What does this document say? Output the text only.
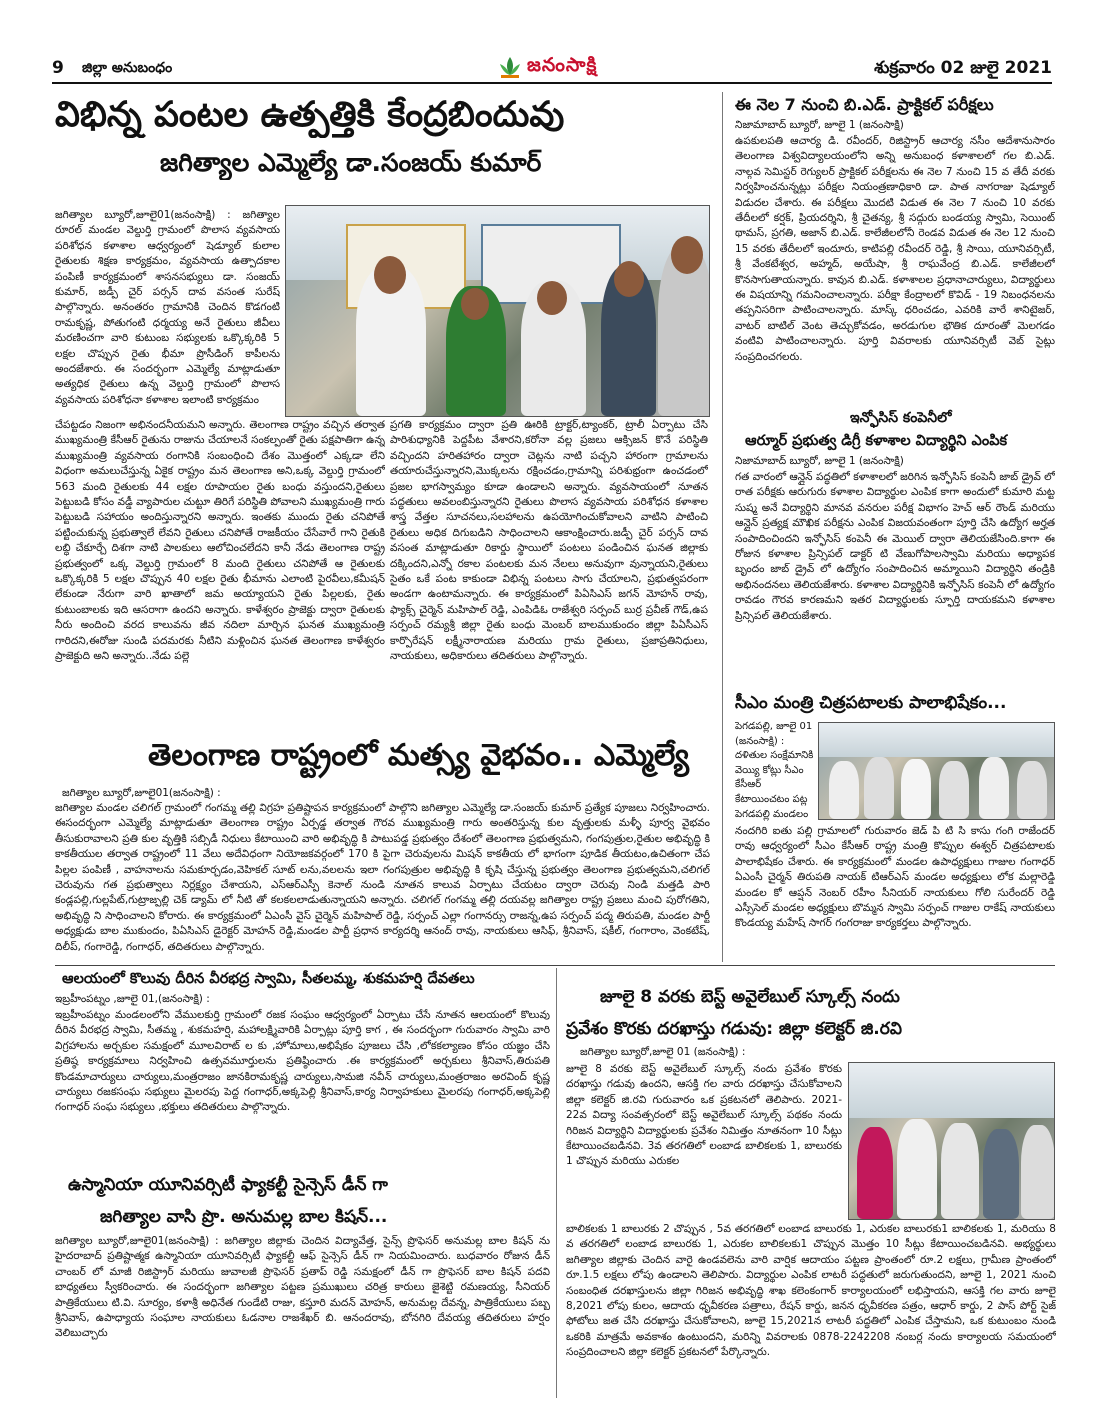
9 జిల్లా అనుబంధం	జనంసాక్షి	శుక్రవారం 02 జులై 2021
విభిన్న పంటల ఉత్పత్తికి కేంద్రబిందువు
జగిత్యాల ఎమ్మెల్యే డా.సంజయ్ కుమార్
జగిత్యాల బ్యూరో,జూలై01(జనంసాక్షి) : జగిత్యాల రూరల్ మండల వెల్దుర్తి గ్రామంలో పొలాస వ్యవసాయ పరిశోధన కళాశాల ఆధ్వర్యంలో షెడ్యూల్ కులాల రైతులకు శిక్షణ కార్యక్రమం, వ్యవసాయ ఉత్పాదకాల పంపిణీ కార్యక్రమంలో శాసనసభ్యులు డా. సంజయ్ కుమార్, జడ్పీ చైర్ పర్సన్ దావ వసంత సురేష్ పాల్గొన్నారు. అనంతరం గ్రామానికి చెందిన కొడగంటి రామకృష్ణ, పోతుగంటి ధర్మయ్య అనే రైతులు జీవీలు మరణించగా వారి కుటుంబ సభ్యులకు ఒక్కొక్కరికి 5 లక్షల చొప్పున రైతు భీమా ప్రొసీడింగ్ కాపీలను అందజేశారు. ఈ సందర్భంగా ఎమ్మెల్యే మాట్లాడుతూ అత్యధిక రైతులు ఉన్న వెల్దుర్తి గ్రామంలో పొలాస వ్యవసాయ పరిశోధనా కళాశాల ఇలాంటి కార్యక్రమం
చేపట్టడం నిజంగా అభినందనీయమని అన్నారు. తెలంగాణ రాష్ట్రం వచ్చిన తర్వాత ముఖ్యమంత్రి కేసీఆర్ రైతును రాజును చేయాలనే సంకల్పంతో రైతు పక్షపాతిగా ఉన్న ముఖ్యమంత్రి వ్యవసాయ రంగానికి సంబంధించి దేశం మొత్తంలో ఎక్కడా లేని విధంగా అమలుచేస్తున్న ఏకైక రాష్ట్రం మన తెలంగాణ అని,ఒక్క వెల్దుర్తి గ్రామంలో 563 మంది రైతులకు 44 లక్షల రూపాయల రైతు బంధు వస్తుందని,రైతులు పెట్టుబడి కోసం వడ్డీ వ్యాపారుల చుట్టూ తిరిగే పరిస్థితి పోవాలని ముఖ్యమంత్రి గారు పెట్టుబడి సహాయం అందిస్తున్నారని అన్నారు. ఇంతకు ముందు రైతు చనిపోతే పట్టించుకున్న ప్రభుత్వాలే లేవని రైతులు చనిపోతే రాజకీయం చేసేవారే గాని రైతుకి లబ్ధి చేకూర్చే దిశగా నాటి పాలకులు ఆలోచించలేదని కానీ నేడు తెలంగాణ రాష్ట్ర ప్రభుత్వంలో ఒక్క వెల్దుర్తి గ్రామంలో 8 మంది రైతులు చనిపోతే ఆ రైతులకు ఒక్కొక్కరికి 5 లక్షల చొప్పున 40 లక్షల రైతు భీమాను ఎలాంటి పైరవీలు,కమీషన్ లేకుండా నేరుగా వారి ఖాతాలో జమ అయ్యాయని రైతు పిల్లలకు, రైతు కుటుంబాలకు ఇది ఆసరాగా ఉందని అన్నారు. కాళేశ్వరం ప్రాజెక్టు ద్వారా రైతులకు నీరు అందించి వరద కాలువను జీవ నదిలా మార్చిన ఘనత ముఖ్యమంత్రి గారిదని,ఈరోజు సుండి పదమరకు నీటిని మళ్లించిన ఘనత తెలంగాణ కాళేశ్వరం ప్రాజెక్టుది అని అన్నారు..నేడు పల్లె
ప్రగతి కార్యక్రమం ద్వారా ప్రతి ఊరికి ట్రాక్టర్,ట్యాంకర్, ట్రాలీ ఏర్పాటు చేసి పారిశుధ్యానికి పెద్దపీట వేశారని,కరోనా వల్ల ప్రజలు ఆక్సిజన్ కొనే పరిస్థితి వచ్చిందని హరితహారం ద్వారా చెట్లను నాటి పచ్చని హారంగా గ్రామాలను తయారుచేస్తున్నారని,మొక్కలను రక్షించడం,గ్రామాన్ని పరిశుభ్రంగా ఉంచడంలో ప్రజల భాగస్వామ్యం కూడా ఉండాలని అన్నారు. వ్యవసాయంలో నూతన పద్ధతులు అవలంబిస్తున్నారని రైతులు పొలాస వ్యవసాయ పరిశోధన కళాశాల శాస్త్ర వేత్తల సూచనలు,సలహాలను ఉపయోగించుకోవాలని వాటిని పాటించి రైతులు అధిక దిగుబడిని సాధించాలని ఆకాంక్షించారు.జడ్పీ చైర్ పర్సన్ దావ వసంత మాట్లాడుతూ రికార్డు స్థాయిలో పంటలు పండించిన ఘనత జిల్లాకు దక్కిందని,ఎన్నో రకాల పంటలకు మన నేలలు అనువుగా వున్నాయని,రైతులు సైతం ఒకే పంట కాకుండా విభిన్న పంటలు సాగు చేయాలని, ప్రభుత్వపరంగా అండగా ఉంటామన్నారు. ఈ కార్యక్రమంలో పిఏసిఎస్ జగన్ మోహన్ రావు, ఫ్యాక్స్ చైర్మెన్ మహిపాల్ రెడ్డి, ఎంపిడిఓ రాజేశ్వరి సర్పంచ్ బుర్ర ప్రవీణ్ గౌడ్,ఉప సర్పంచ్ రమ్యశ్రీ జిల్లా రైతు బంధు మెంబర్ బాలముకుందం జిల్లా పిఏసీఎస్ కార్పొరేషన్ లక్ష్మీనారాయణ మరియు గ్రామ రైతులు, ప్రజాప్రతినిధులు, నాయకులు, అధికారులు తదితరులు పాల్గొన్నారు.
తెలంగాణ రాష్ట్రంలో మత్స్య వైభవం.. ఎమ్మెల్యే
జగిత్యాల బ్యూరో,జూలై01(జనంసాక్షి) :
జగిత్యాల మండల చలిగల్ గ్రామంలో గంగమ్మ తల్లి విగ్రహ ప్రతిష్టాపన కార్యక్రమంలో పాల్గొని జగిత్యాల ఎమ్మెల్యే డా.సంజయ్ కుమార్ ప్రత్యేక పూజలు నిర్వహించారు. ఈసందర్భంగా ఎమ్మెల్యే మాట్లాడుతూ తెలంగాణ రాష్ట్రం ఏర్పడ్డ తర్వాత గౌరవ ముఖ్యమంత్రి గారు అంతరిస్తున్న కుల వృత్తులకు మళ్ళీ పూర్వ వైభవం తీసుకురావాలని ప్రతి కుల వృత్తికి సబ్సిడీ నిధులు కేటాయించి వారి అభివృద్ధి కి పాటుపడ్డ ప్రభుత్వం దేశంలో తెలంగాణ ప్రభుత్వమని, గంగపుత్రుల,రైతుల అభివృద్ధి కి కాకతీయుల తర్వాత రాష్ట్రంలో 11 వేలు అదేవిధంగా నియోజకవర్గంలో 170 కి పైగా చెరువులను మిషన్ కాకతీయ లో భాగంగా పూడిక తీయటం,ఉచితంగా చేప పిల్లల పంపిణీ , వాహనాలను సమకూర్చడం,వెహికల్ సూట్ లను,వలలను ఇలా గంగపుత్రుల అభివృద్ధి కి కృషి చేస్తున్న ప్రభుత్వం తెలంగాణ ప్రభుత్వమని,చలిగల్ చెరువును గత ప్రభుత్వాలు నిర్లక్ష్యం చేశాయని, ఎస్ఆర్ఎస్పీ కెనాల్ నుండి నూతన కాలువ ఏర్పాటు చేయటం ద్వారా చెరువు నిండి మత్తడి పారి కండ్లపల్లి,గుల్లపేట్,గుట్రాజ్పల్లి చెక్ డ్యామ్ లో నీటి తో కలకలలాడుతున్నాయని అన్నారు. చలిగల్ గంగమ్మ తల్లి దయవల్ల జగిత్యాల రాష్ట్ర ప్రజలు మంచి పురోగతిని, అభివృద్ధి ని సాధించాలని కోరారు. ఈ కార్యక్రమంలో ఏఎంసీ వైస్ చైర్మెన్ మహిపాల్ రెడ్డి, సర్పంచ్ ఎల్లా గంగానర్సు రాజన్న,ఉప సర్పంచ్ పద్మ తిరుపతి, మండల పార్టీ అధ్యక్షుడు బాల ముకుందం, పిఏసిఎస్ డైరెక్టర్ మోహన్ రెడ్డి,మండల పార్టీ ప్రధాన కార్యదర్శి ఆనంద్ రావు, నాయకులు ఆసిఫ్, శ్రీనివాస్, షకీల్, గంగారాం, వెంకటేష్, దిలీప్, గంగారెడ్డి, గంగాధర్, తదితరులు పాల్గొన్నారు.
ఈ నెల 7 నుంచి బి.ఎడ్. ప్రాక్టికల్ పరీక్షలు
నిజామాబాద్ బ్యూరో, జూలై 1 (జనంసాక్షి)
ఉపకులపతి ఆచార్య డి. రవీందర్, రిజిస్ట్రార్ ఆచార్య నసీం ఆదేశానుసారం తెలంగాణ విశ్వవిద్యాలయంలోని అన్ని అనుబంధ కళాశాలలో గల బి.ఎడ్. నాల్గవ సెమిస్టర్ రెగ్యులర్ ప్రాక్టికల్ పరీక్షలను ఈ నెల 7 నుంచి 15 వ తేదీ వరకు నిర్వహించనున్నట్లు పరీక్షల నియంత్రణాధికారి డా. పాత నాగరాజు షెడ్యూల్ విడుదల చేశారు. ఈ పరీక్షలు మొదటి విడుత ఈ నెల 7 నుంచి 10 వరకు తేదీలలో కర్షక్, ప్రియదర్శిని, శ్రీ చైతన్య, శ్రీ సద్గురు బండయ్య స్వామి, సెయింట్ థామస్, ప్రగతి, అజాన్ బి.ఎడ్. కాలేజీలలోనీ రెండవ విడుత ఈ నెల 12 నుంచి 15 వరకు తేదీలలో ఇందూరు, కాటిపల్లి రవీందర్ రెడ్డి, శ్రీ సాయి, యూనివర్సిటీ, శ్రీ వేంకటేశ్వర, అహ్మద్, అయేషా, శ్రీ రాఘవేంద్ర బి.ఎడ్. కాలేజీలలో కొనసాగుతాయన్నారు. కావున బి.ఎడ్. కళాశాలల ప్రధానాచార్యులు, విద్యార్థులు ఈ విషయాన్ని గమనించాలన్నారు. పరీక్షా కేంద్రాలలో కొవిడ్ - 19 నిబంధనలను తప్పనిసరిగా పాటించాలన్నారు. మాస్క్ ధరించడం, ఎవరికి వారే శానిటైజర్, వాటర్ బాటిల్ వెంట తెచ్చుకోవడం, అరడుగుల భౌతిక దూరంతో మెలగడం వంటివి పాటించాలన్నారు. పూర్తి వివరాలకు యూనివర్సిటీ వెబ్ సైట్లు సంప్రదించగలరు.
ఇన్ఫోసిస్ కంపెనీలో
ఆర్మూర్ ప్రభుత్వ డిగ్రీ కళాశాల విద్యార్థిని ఎంపిక
నిజామాబాద్ బ్యూరో, జూలై 1 (జనంసాక్షి)
గత వారంలో ఆన్లైన్ పద్ధతిలో కళాశాలలో జరిగిన ఇన్ఫోసిస్ కంపెనీ జాబ్ డ్రైవ్ లో రాత పరీక్షకు ఆరుగురు కళాశాల విద్యార్థుల ఎంపిక కాగా అందులో కుమారి మట్ట సుష్మ అనే విద్యార్థిని మానవ వనరుల పరీక్ష విభాగం హెచ్ ఆర్ రౌండ్ మరియు ఆన్లైన్ ప్రత్యక్ష మౌఖిక పరీక్షను ఎంపిక విజయవంతంగా పూర్తి చేసి ఉద్యోగ అర్హత సంపాదించిందని ఇన్ఫోసిస్ కంపెనీ ఈ మెయిల్ ద్వారా తెలియజేసింది.కాగా ఈ రోజున కళాశాల ప్రిన్సిపల్ డాక్టర్ టి వేణుగోపాలస్వామి మరియు అధ్యాపక బృందం జాబ్ డ్రైవ్ లో ఉద్యోగం సంపాదించిన అమ్మాయిని విద్యార్థిని తండ్రికి అభినందనలు తెలియజేశారు. కళాశాల విద్యార్థినికి ఇన్ఫోసిస్ కంపెనీ లో ఉద్యోగం రావడం గౌరవ కారణమని ఇతర విద్యార్థులకు స్ఫూర్తి దాయకమని కళాశాల ప్రిన్సిపల్ తెలియజేశారు.
సీఎం మంత్రి చిత్రపటాలకు పాలాభిషేకం...
పెగడపల్లి, జూలై 01 (జనంసాక్షి) : దళితుల సంక్షేమానికి వెయ్యి కోట్లు సీఎం కేసీఆర్ కేటాయించటం పట్ల పెగడపల్లి మండలం
నందగిరి ఐతు పల్లి గ్రామాలలో గురువారం జెడ్ పి టి సి కాసు గంగి రాజేందర్ రావు ఆధ్వర్యంలో సీఎం కేసీఆర్ రాష్ట్ర మంత్రి కొప్పుల ఈశ్వర్ చిత్రపటాలకు పాలాభిషేకం చేశారు. ఈ కార్యక్రమంలో మండల ఉపాధ్యక్షులు గాజుల గంగాధర్ ఏఎంసీ చైర్మన్ తిరుపతి నాయక్ టిఆర్ఎస్ మండల అధ్యక్షులు లోక మల్లారెడ్డి మండల కో ఆప్షన్ నెంబర్ రహీం సీనియర్ నాయకులు గోలి సురేందర్ రెడ్డి ఎస్సీసెల్ మండల అధ్యక్షులు బొమ్మన స్వామి సర్పంచ్ గాజుల రాకేష్ నాయకులు కొండయ్య మహేష్ సాగర్ గంగరాజు కార్యకర్తలు పాల్గొన్నారు.
ఆలయంలో కొలువు దీరిన వీరభద్ర స్వామి, సీతలమ్మ, శుకమహర్షి దేవతలు
ఇబ్రహీంపట్నం ,జూలై 01,(జనంసాక్షి) :
ఇబ్రహీంపట్నం మండలంలోని వేములకుర్తి గ్రామంలో రజక సంఘం ఆధ్వర్యంలో ఏర్పాటు చేసే నూతన ఆలయంలో కొలువు దీరిన వీరభద్ర స్వామి, సీతమ్మ , శుకమహర్షి, మహాలక్ష్మివారికి ఏర్పాట్లు పూర్తి కాగ , ఈ సందర్భంగా గురువారం స్వామి వారి విగ్రహాలను అర్చకుల సమక్షంలో మూలవిరాట్ ల కు ,హోమాలు,అభిషేకం పూజలు చేసి ,లోకకల్యాణం కోసం యజ్ఞం చేసి ప్రతిష్ఠ కార్యక్రమాలు నిర్వహించి ఉత్సవమూర్తులను ప్రతిష్ఠించారు .ఈ కార్యక్రమంలో అర్చకులు శ్రీనివాస్,తిరుపతి కొండమాచార్యులు చార్యులు,మంత్రరాజం జానకిరామకృష్ణ చార్యులు,సామజి నవీన్ చార్యులు,మంత్రరాజం అరవింద్ కృష్ణ చార్యులు రజకసంఘ సభ్యులు మైలరపు పెద్ద గంగాధర్,అక్కపెల్లి శ్రీనివాస్,కార్య నిర్వాహకులు మైలరపు గంగాధర్,అక్కపెల్లి గంగాధర్ సంఘ సభ్యులు ,భక్తులు తదితరులు పాల్గొన్నారు.
ఉస్మానియా యూనివర్సిటీ ఫ్యాకల్టీ సైన్సెస్ డీన్ గా
జగిత్యాల వాసి ప్రొ. అనుమల్ల బాల కిషన్...
జగిత్యాల బ్యూరో,జూలై01(జనంసాక్షి) : జగిత్యాల జిల్లాకు చెందిన విద్యావేత్త, సైన్స్ ప్రొఫెసర్ అనుమల్ల బాల కిషన్ ను హైదరాబాద్ ప్రతిష్టాత్మక ఉస్మానియా యూనివర్సిటీ ఫ్యాకల్టీ ఆఫ్ సైన్సెస్ డీన్ గా నియమించారు. బుధవారం రోజున డీన్ చాంబర్ లో మాజీ రిజిస్ట్రార్ మరియు జువాలజీ ప్రొఫెసర్ ప్రతాప్ రెడ్డి సమక్షంలో డీన్ గా ప్రొఫెసర్ బాల కిషన్ పదవి బాధ్యతలు స్వీకరించారు. ఈ సందర్భంగా జగిత్యాల పట్టణ ప్రముఖులు చరిత్ర కారులు జైశెట్టి రమణయ్య, సీనియర్ పాత్రికేయులు టి.వి. సూర్యం, కళాశ్రీ అధినేత గుండేటి రాజు, కస్తూరి మదన్ మోహన్, అనుమల్ల దేవన్న, పాత్రికేయులు పబ్బ శ్రీనివాస్, ఉపాధ్యాయ సంఘాల నాయకులు ఓడనాల రాజశేఖర్ బి. ఆనందరావు, బోనగిరి దేవయ్య తదితరులు హర్షం వెలిబుచ్చారు
జూలై 8 వరకు బెస్ట్ అవైలేబుల్ స్కూల్స్ నందు
ప్రవేశం కొరకు దరఖాస్తు గడువు: జిల్లా కలెక్టర్ జి.రవి
జగిత్యాల బ్యూరో,జూలై 01 (జనంసాక్షి) :
జూలై 8 వరకు బెస్ట్ అవైలేబుల్ స్కూల్స్ నందు ప్రవేశం కొరకు దరఖాస్తు గడువు ఉందని, ఆసక్తి గల వారు దరఖాస్తు చేసుకోవాలని జిల్లా కలెక్టర్ జి.రవి గురువారం ఒక ప్రకటనలో తెలిపారు. 2021-22వ విద్యా సంవత్సరంలో బెస్ట్ అవైలేబుల్ స్కూల్స్ పథకం నందు గిరిజన విద్యార్థిని విద్యార్థులకు ప్రవేశం నిమిత్తం నూతనంగా 10 సీట్లు కేటాయించబడినవి. 3వ తరగతిలో లంబాడ బాలికలకు 1, బాలురకు 1 చొప్పున మరియు ఎరుకల
బాలికలకు 1 బాలురకు 2 చొప్పున , 5వ తరగతిలో లంబాడ బాలురకు 1, ఎరుకల బాలురకు1 బాలికలకు 1, మరియు 8 వ తరగతిలో లంబాడ బాలురకు 1, ఎరుకల బాలికలకు1 చొప్పున మొత్తం 10 సీట్లు కేటాయించబడినవి. అభ్యర్థులు జగిత్యాల జిల్లాకు చెందిన వారై ఉండవలెను వారి వార్షిక ఆదాయం పట్టణ ప్రాంతంలో రూ.2 లక్షలు, గ్రామీణ ప్రాంతంలో రూ.1.5 లక్షలు లోపు ఉండాలని తెలిపారు. విద్యార్థుల ఎంపిక లాటరీ పద్ధతులో జరుగుతుందని, జూలై 1, 2021 నుంచి సంబంధిత దరఖాస్తులను జిల్లా గిరిజన అభివృద్ధి శాఖ కలెంకంగార్ కార్యాలయంలో లభిస్తాయని, ఆసక్తి గల వారు జూలై 8,2021 లోపు కులం, ఆదాయ ధృవీకరణ పత్రాలు, రేషన్ కార్డు, జనన ధృవీకరణ పత్రం, ఆధార్ కార్డు, 2 పాస్ పోర్ట్ సైజ్ ఫోటోలు జత చేసి దరఖాస్తు చేసుకోవాలని, జూలై 15,2021న లాటరీ పద్ధతిలో ఎంపిక చేస్తామని, ఒక కుటుంబం నుండి ఒకరికి మాత్రమే అవకాశం ఉంటుందని, మరిన్ని వివరాలకు 0878-2242208 నంబర్ల నందు కార్యాలయ సమయంలో సంప్రదించాలని జిల్లా కలెక్టర్ ప్రకటనలో పేర్కొన్నారు.
